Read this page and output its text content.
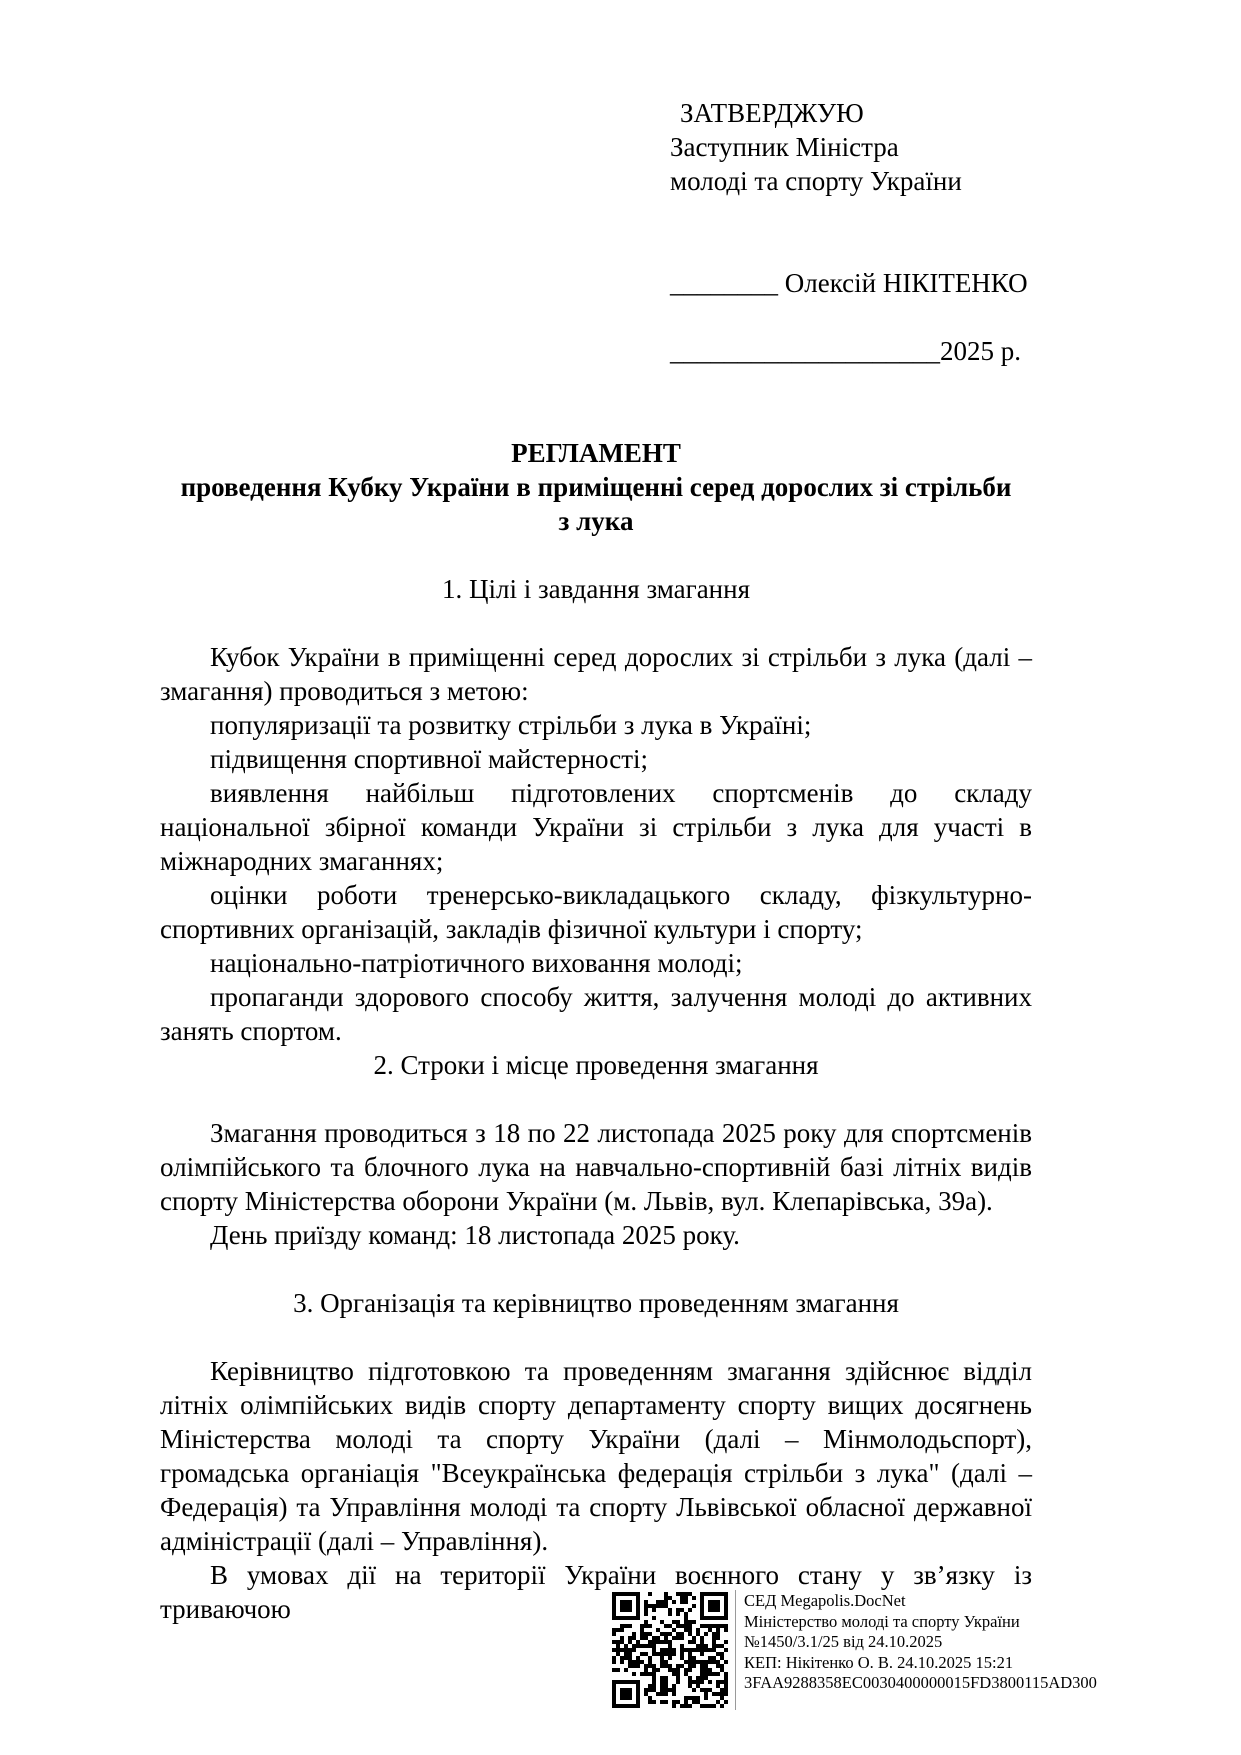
ЗАТВЕРДЖУЮ
Заступник Міністра
молоді та спорту України
________ Олексій НІКІТЕНКО
____________________2025 р.
РЕГЛАМЕНТ
проведення Кубку України в приміщенні серед дорослих зі стрільби
з лука
1. Цілі і завдання змагання

Кубок України в приміщенні серед дорослих зі стрільби з лука (далі – змагання) проводиться з метою:

популяризації та розвитку стрільби з лука в Україні;

підвищення спортивної майстерності;

виявлення найбільш підготовлених спортсменів до складу національної збірної команди України зі стрільби з лука для участі в міжнародних змаганнях;

оцінки роботи тренерсько-викладацького складу, фізкультурно-спортивних організацій, закладів фізичної культури і спорту;

національно-патріотичного виховання молоді;

пропаганди здорового способу життя, залучення молоді до активних занять спортом.

2. Строки і місце проведення змагання

Змагання проводиться з 18 по 22 листопада 2025 року для спортсменів олімпійського та блочного лука на навчально-спортивній базі літніх видів спорту Міністерства оборони України (м. Львів, вул. Клепарівська, 39а).

День приїзду команд: 18 листопада 2025 року.

3. Організація та керівництво проведенням змагання

Керівництво підготовкою та проведенням змагання здійснює відділ літніх олімпійських видів спорту департаменту спорту вищих досягнень Міністерства молоді та спорту України (далі – Мінмолодьспорт), громадська органіація "Всеукраїнська федерація стрільби з лука" (далі – Федерація) та Управління молоді та спорту Львівської обласної державної адміністрації (далі – Управління).

В умовах дії на території України воєнного стану у зв’язку із триваючою	СЕД Megapolis.DocNet
Міністерство молоді та спорту України
№1450/3.1/25 від 24.10.2025
КЕП: Нікітенко О. В. 24.10.2025 15:21
3FAA9288358EC0030400000015FD3800115AD300
